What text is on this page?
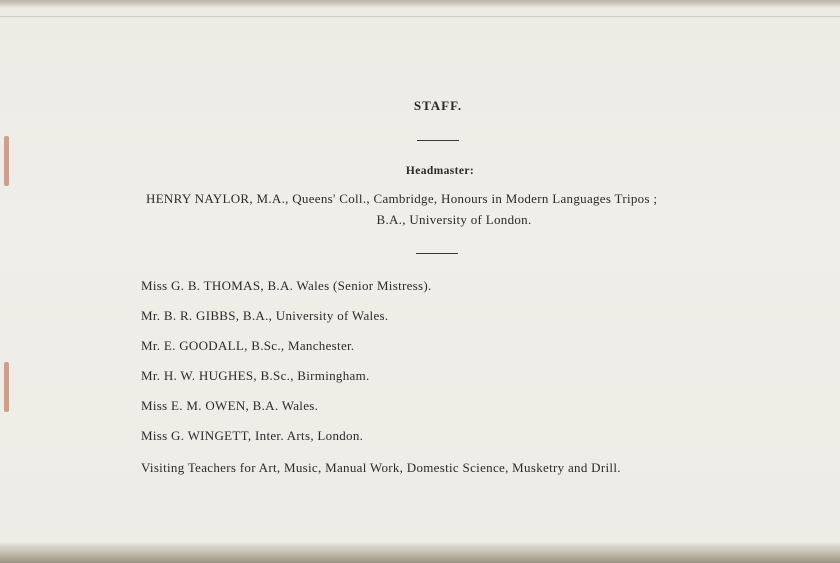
STAFF.
Headmaster:
HENRY NAYLOR, M.A., Queens' Coll., Cambridge, Honours in Modern Languages Tripos ;
B.A., University of London.
Miss G. B. THOMAS, B.A. Wales (Senior Mistress).
Mr. B. R. GIBBS, B.A., University of Wales.
Mr. E. GOODALL, B.Sc., Manchester.
Mr. H. W. HUGHES, B.Sc., Birmingham.
Miss E. M. OWEN, B.A. Wales.
Miss G. WINGETT, Inter. Arts, London.
Visiting Teachers for Art, Music, Manual Work, Domestic Science, Musketry and Drill.
